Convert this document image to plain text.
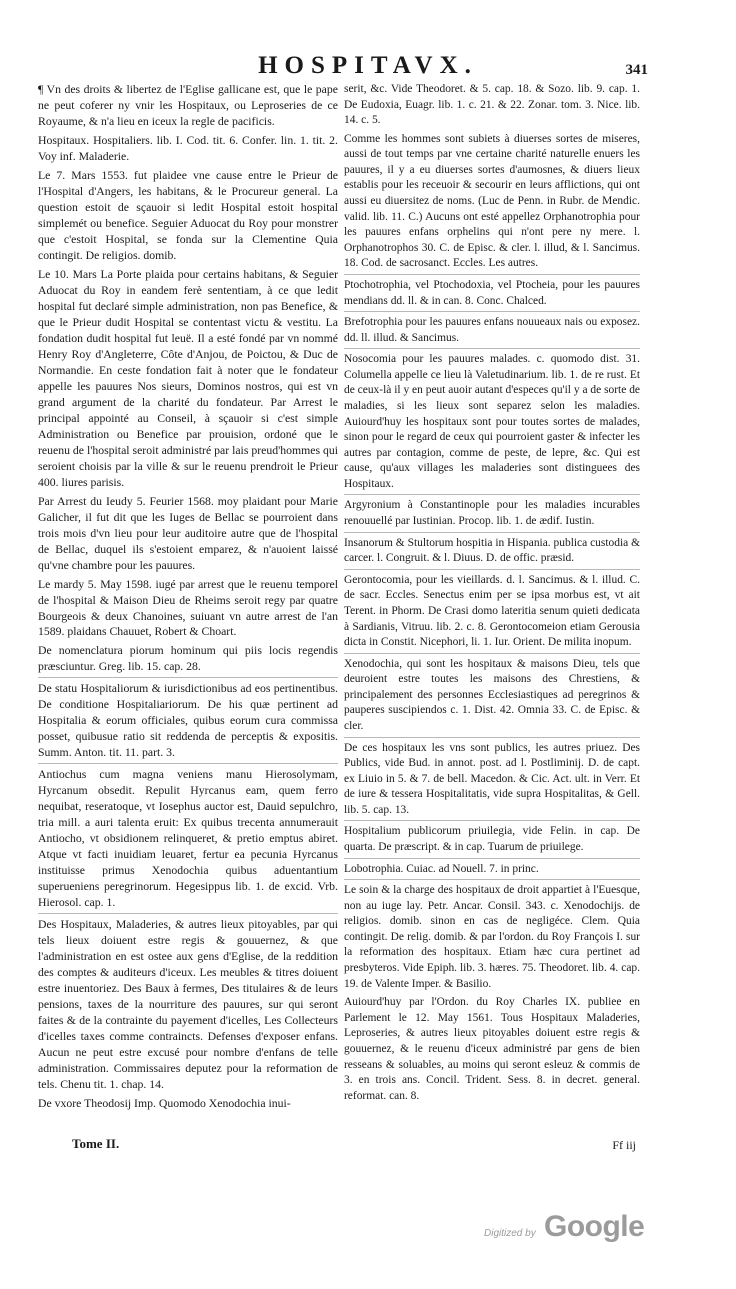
HOSPITAVX.	341

¶ Vn des droits & libertez de l'Eglise gallicane est, que le pape ne peut coferer ny vnir les Hospitaux, ou Leproseries de ce Royaume, & n'a lieu en iceux la regle de pacificis.

Hospitaux. Hospitaliers. lib. I. Cod. tit. 6. Confer. lin. 1. tit. 2. Voy inf. Maladerie.

Le 7. Mars 1553. fut plaidee vne cause entre le Prieur de l'Hospital d'Angers, les habitans, & le Procureur general. La question estoit de sçauoir si ledit Hospital estoit hospital simplemét ou benefice. Seguier Aduocat du Roy pour monstrer que c'estoit Hospital, se fonda sur la Clementine Quia contingit. De religios. domib.

Le 10. Mars La Porte plaida pour certains habitans, & Seguier Aduocat du Roy in eandem ferè sententiam, à ce que ledit hospital fut declaré simple administration, non pas Benefice, & que le Prieur dudit Hospital se contentast victu & vestitu. La fondation dudit hospital fut leuë. Il a esté fondé par vn nommé Henry Roy d'Angleterre, Côte d'Anjou, de Poictou, & Duc de Normandie. En ceste fondation fait à noter que le fondateur appelle les pauures Nos sieurs, Dominos nostros, qui est vn grand argument de la charité du fondateur. Par Arrest le principal appointé au Conseil, à sçauoir si c'est simple Administration ou Benefice par prouision, ordoné que le reuenu de l'hospital seroit administré par lais preud'hommes qui seroient choisis par la ville & sur le reuenu prendroit le Prieur 400. liures parisis.

Par Arrest du Ieudy 5. Feurier 1568. moy plaidant pour Marie Galicher, il fut dit que les Iuges de Bellac se pourroient dans trois mois d'vn lieu pour leur auditoire autre que de l'hospital de Bellac, duquel ils s'estoient emparez, & n'auoient laissé qu'vne chambre pour les pauures.

Le mardy 5. May 1598. iugé par arrest que le reuenu temporel de l'hospital & Maison Dieu de Rheims seroit regy par quatre Bourgeois & deux Chanoines, suiuant vn autre arrest de l'an 1589. plaidans Chauuet, Robert & Choart.

De nomenclatura piorum hominum qui piis locis regendis præsciuntur. Greg. lib. 15. cap. 28.

De statu Hospitaliorum & iurisdictionibus ad eos pertinentibus. De conditione Hospitaliariorum. De his quæ pertinent ad Hospitalia & eorum officiales, quibus eorum cura commissa posset, quibusue ratio sit reddenda de perceptis & expositis. Summ. Anton. tit. 11. part. 3.

Antiochus cum magna veniens manu Hierosolymam, Hyrcanum obsedit. Repulit Hyrcanus eam, quem ferro nequibat, reseratoque, vt Iosephus auctor est, Dauid sepulchro, tria mill. a auri talenta eruit: Ex quibus trecenta annumerauit Antiocho, vt obsidionem relinqueret, & pretio emptus abiret. Atque vt facti inuidiam leuaret, fertur ea pecunia Hyrcanus instituisse primus Xenodochia quibus aduentantium superueniens peregrinorum. Hegesippus lib. 1. de excid. Vrb. Hierosol. cap. 1.

Des Hospitaux, Maladeries, & autres lieux pitoyables, par qui tels lieux doiuent estre regis & gouuernez, & que l'administration en est ostee aux gens d'Eglise, de la reddition des comptes & auditeurs d'iceux. Les meubles & titres doiuent estre inuentoriez. Des Baux à fermes, Des titulaires & de leurs pensions, taxes de la nourriture des pauures, sur qui seront faites & de la contrainte du payement d'icelles, Les Collecteurs d'icelles taxes comme contraincts. Defenses d'exposer enfans. Aucun ne peut estre excusé pour nombre d'enfans de telle administration. Commissaires deputez pour la reformation de tels. Chenu tit. 1. chap. 14.

De vxore Theodosij Imp. Quomodo Xenodochia inui-

serit, &c. Vide Theodoret. & 5. cap. 18. & Sozo. lib. 9. cap. 1. De Eudoxia, Euagr. lib. 1. c. 21. & 22. Zonar. tom. 3. Nice. lib. 14. c. 5.

Comme les hommes sont subiets à diuerses sortes de miseres, aussi de tout temps par vne certaine charité naturelle enuers les pauures, il y a eu diuerses sortes d'aumosnes, & diuers lieux establis pour les receuoir & secourir en leurs afflictions, qui ont aussi eu diuersitez de noms. (Luc de Penn. in Rubr. de Mendic. valid. lib. 11. C.) Aucuns ont esté appellez Orphanotrophia pour les pauures enfans orphelins qui n'ont pere ny mere. l. Orphanotrophos 30. C. de Episc. & cler. l. illud, & l. Sancimus. 18. Cod. de sacrosanct. Eccles. Les autres.

Ptochotrophia, vel Ptochodoxia, vel Ptocheia, pour les pauures mendians dd. ll. & in can. 8. Conc. Chalced.

Brefotrophia pour les pauures enfans nouueaux nais ou exposez. dd. ll. illud. & Sancimus.

Nosocomia pour les pauures malades. c. quomodo dist. 31. Columella appelle ce lieu là Valetudinarium. lib. 1. de re rust. Et de ceux-là il y en peut auoir autant d'especes qu'il y a de sorte de maladies, si les lieux sont separez selon les maladies. Auiourd'huy les hospitaux sont pour toutes sortes de malades, sinon pour le regard de ceux qui pourroient gaster & infecter les autres par contagion, comme de peste, de lepre, &c. Qui est cause, qu'aux villages les maladeries sont distinguees des Hospitaux.

Argyronium à Constantinople pour les maladies incurables renouuellé par Iustinian. Procop. lib. 1. de ædif. Iustin.

Insanorum & Stultorum hospitia in Hispania. publica custodia & carcer. l. Congruit. & l. Diuus. D. de offic. præsid.

Gerontocomia, pour les vieillards. d. l. Sancimus. & l. illud. C. de sacr. Eccles. Senectus enim per se ipsa morbus est, vt ait Terent. in Phorm. De Crasi domo lateritia senum quieti dedicata à Sardianis, Vitruu. lib. 2. c. 8. Gerontocomeion etiam Gerousia dicta in Constit. Nicephori, li. 1. Iur. Orient. De milita inopum.

Xenodochia, qui sont les hospitaux & maisons Dieu, tels que deuroient estre toutes les maisons des Chrestiens, & principalement des personnes Ecclesiastiques ad peregrinos & pauperes suscipiendos c. 1. Dist. 42. Omnia 33. C. de Episc. & cler.

De ces hospitaux les vns sont publics, les autres priuez. Des Publics, vide Bud. in annot. post. ad l. Postliminij. D. de capt. ex Liuio in 5. & 7. de bell. Macedon. & Cic. Act. ult. in Verr. Et de iure & tessera Hospitalitatis, vide supra Hospitalitas, & Gell. lib. 5. cap. 13.

Hospitalium publicorum priuilegia, vide Felin. in cap. De quarta. De præscript. & in cap. Tuarum de priuilege.

Lobotrophia. Cuiac. ad Nouell. 7. in princ.

Le soin & la charge des hospitaux de droit appartiet à l'Euesque, non au iuge lay. Petr. Ancar. Consil. 343. c. Xenodochijs. de religios. domib. sinon en cas de negligéce. Clem. Quia contingit. De relig. domib. & par l'ordon. du Roy François I. sur la reformation des hospitaux. Etiam hæc cura pertinet ad presbyteros. Vide Epiph. lib. 3. hæres. 75. Theodoret. lib. 4. cap. 19. de Valente Imper. & Basilio.

Auiourd'huy par l'Ordon. du Roy Charles IX. publiee en Parlement le 12. May 1561. Tous Hospitaux Maladeries, Leproseries, & autres lieux pitoyables doiuent estre regis & gouuernez, & le reuenu d'iceux administré par gens de bien resseans & soluables, au moins qui seront esleuz & commis de 3. en trois ans. Concil. Trident. Sess. 8. in decret. general. reformat. can. 8.

Tome II.	Ff iij
Digitized by Google
